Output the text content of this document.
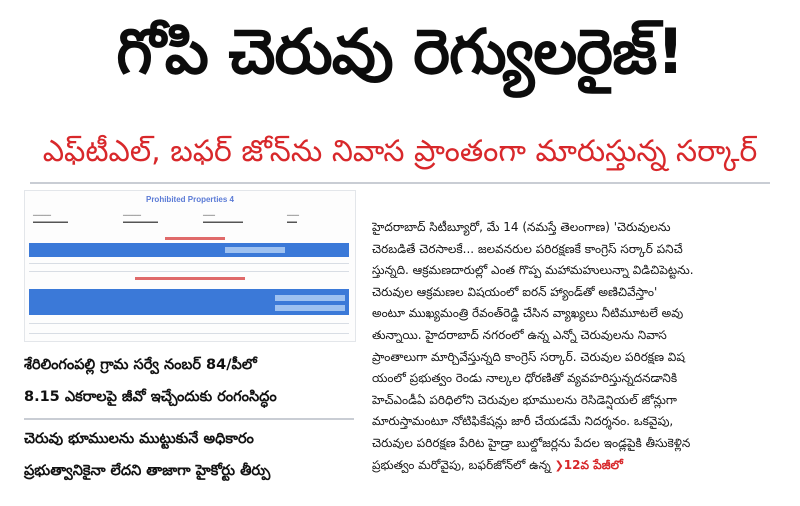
గోపి చెరువు రెగ్యులరైజ్!
ఎఫ్‌టీఎల్, బఫర్ జోన్‌ను నివాస ప్రాంతంగా మారుస్తున్న సర్కార్
Prohibited Properties 4
━━━━━━
▬▬▬▬▬▬▬
━━━━━━
▬▬▬▬▬▬▬
━━━━
▬▬▬▬▬▬▬▬
━━━━
▬▬
శేరిలింగంపల్లి గ్రామ సర్వే నంబర్ 84/పీలో
8.15 ఎకరాలపై జీవో ఇచ్చేందుకు రంగంసిద్ధం
చెరువు భూములను ముట్టుకునే అధికారం
ప్రభుత్వానికైనా లేదని తాజాగా హైకోర్టు తీర్పు
హైదరాబాద్ సిటీబ్యూరో, మే 14 (నమస్తే తెలంగాణ) 'చెరువులను
చెరబడితే చెరసాలకే... జలవనరుల పరిరక్షణకే కాంగ్రెస్ సర్కార్ పనిచే
స్తున్నది. ఆక్రమణదారుల్లో ఎంత గొప్ప మహామహులున్నా విడిచిపెట్టను.
చెరువుల ఆక్రమణల విషయంలో ఐరన్ హ్యాండ్‌తో అణిచివేస్తాం'
అంటూ ముఖ్యమంత్రి రేవంత్‌రెడ్డి చేసిన వ్యాఖ్యలు నీటిమూటలే అవు
తున్నాయి. హైదరాబాద్ నగరంలో ఉన్న ఎన్నో చెరువులను నివాస
ప్రాంతాలుగా మార్చివేస్తున్నది కాంగ్రెస్ సర్కార్. చెరువుల పరిరక్షణ విష
యంలో ప్రభుత్వం రెండు నాల్కల ధోరణితో వ్యవహరిస్తున్నదనడానికి
హెచ్‌ఎండీఏ పరిధిలోని చెరువుల భూములను రెసిడెన్షియల్ జోన్లుగా
మారుస్తామంటూ నోటిఫికేషన్లు జారీ చేయడమే నిదర్శనం. ఒకవైపు,
చెరువుల పరిరక్షణ పేరిట హైడ్రా బుల్డోజర్లను పేదల ఇండ్లపైకి తీసుకెళ్లిన
ప్రభుత్వం మరోవైపు, బఫర్‌జోన్‌లో ఉన్న ❯12వ పేజీలో
